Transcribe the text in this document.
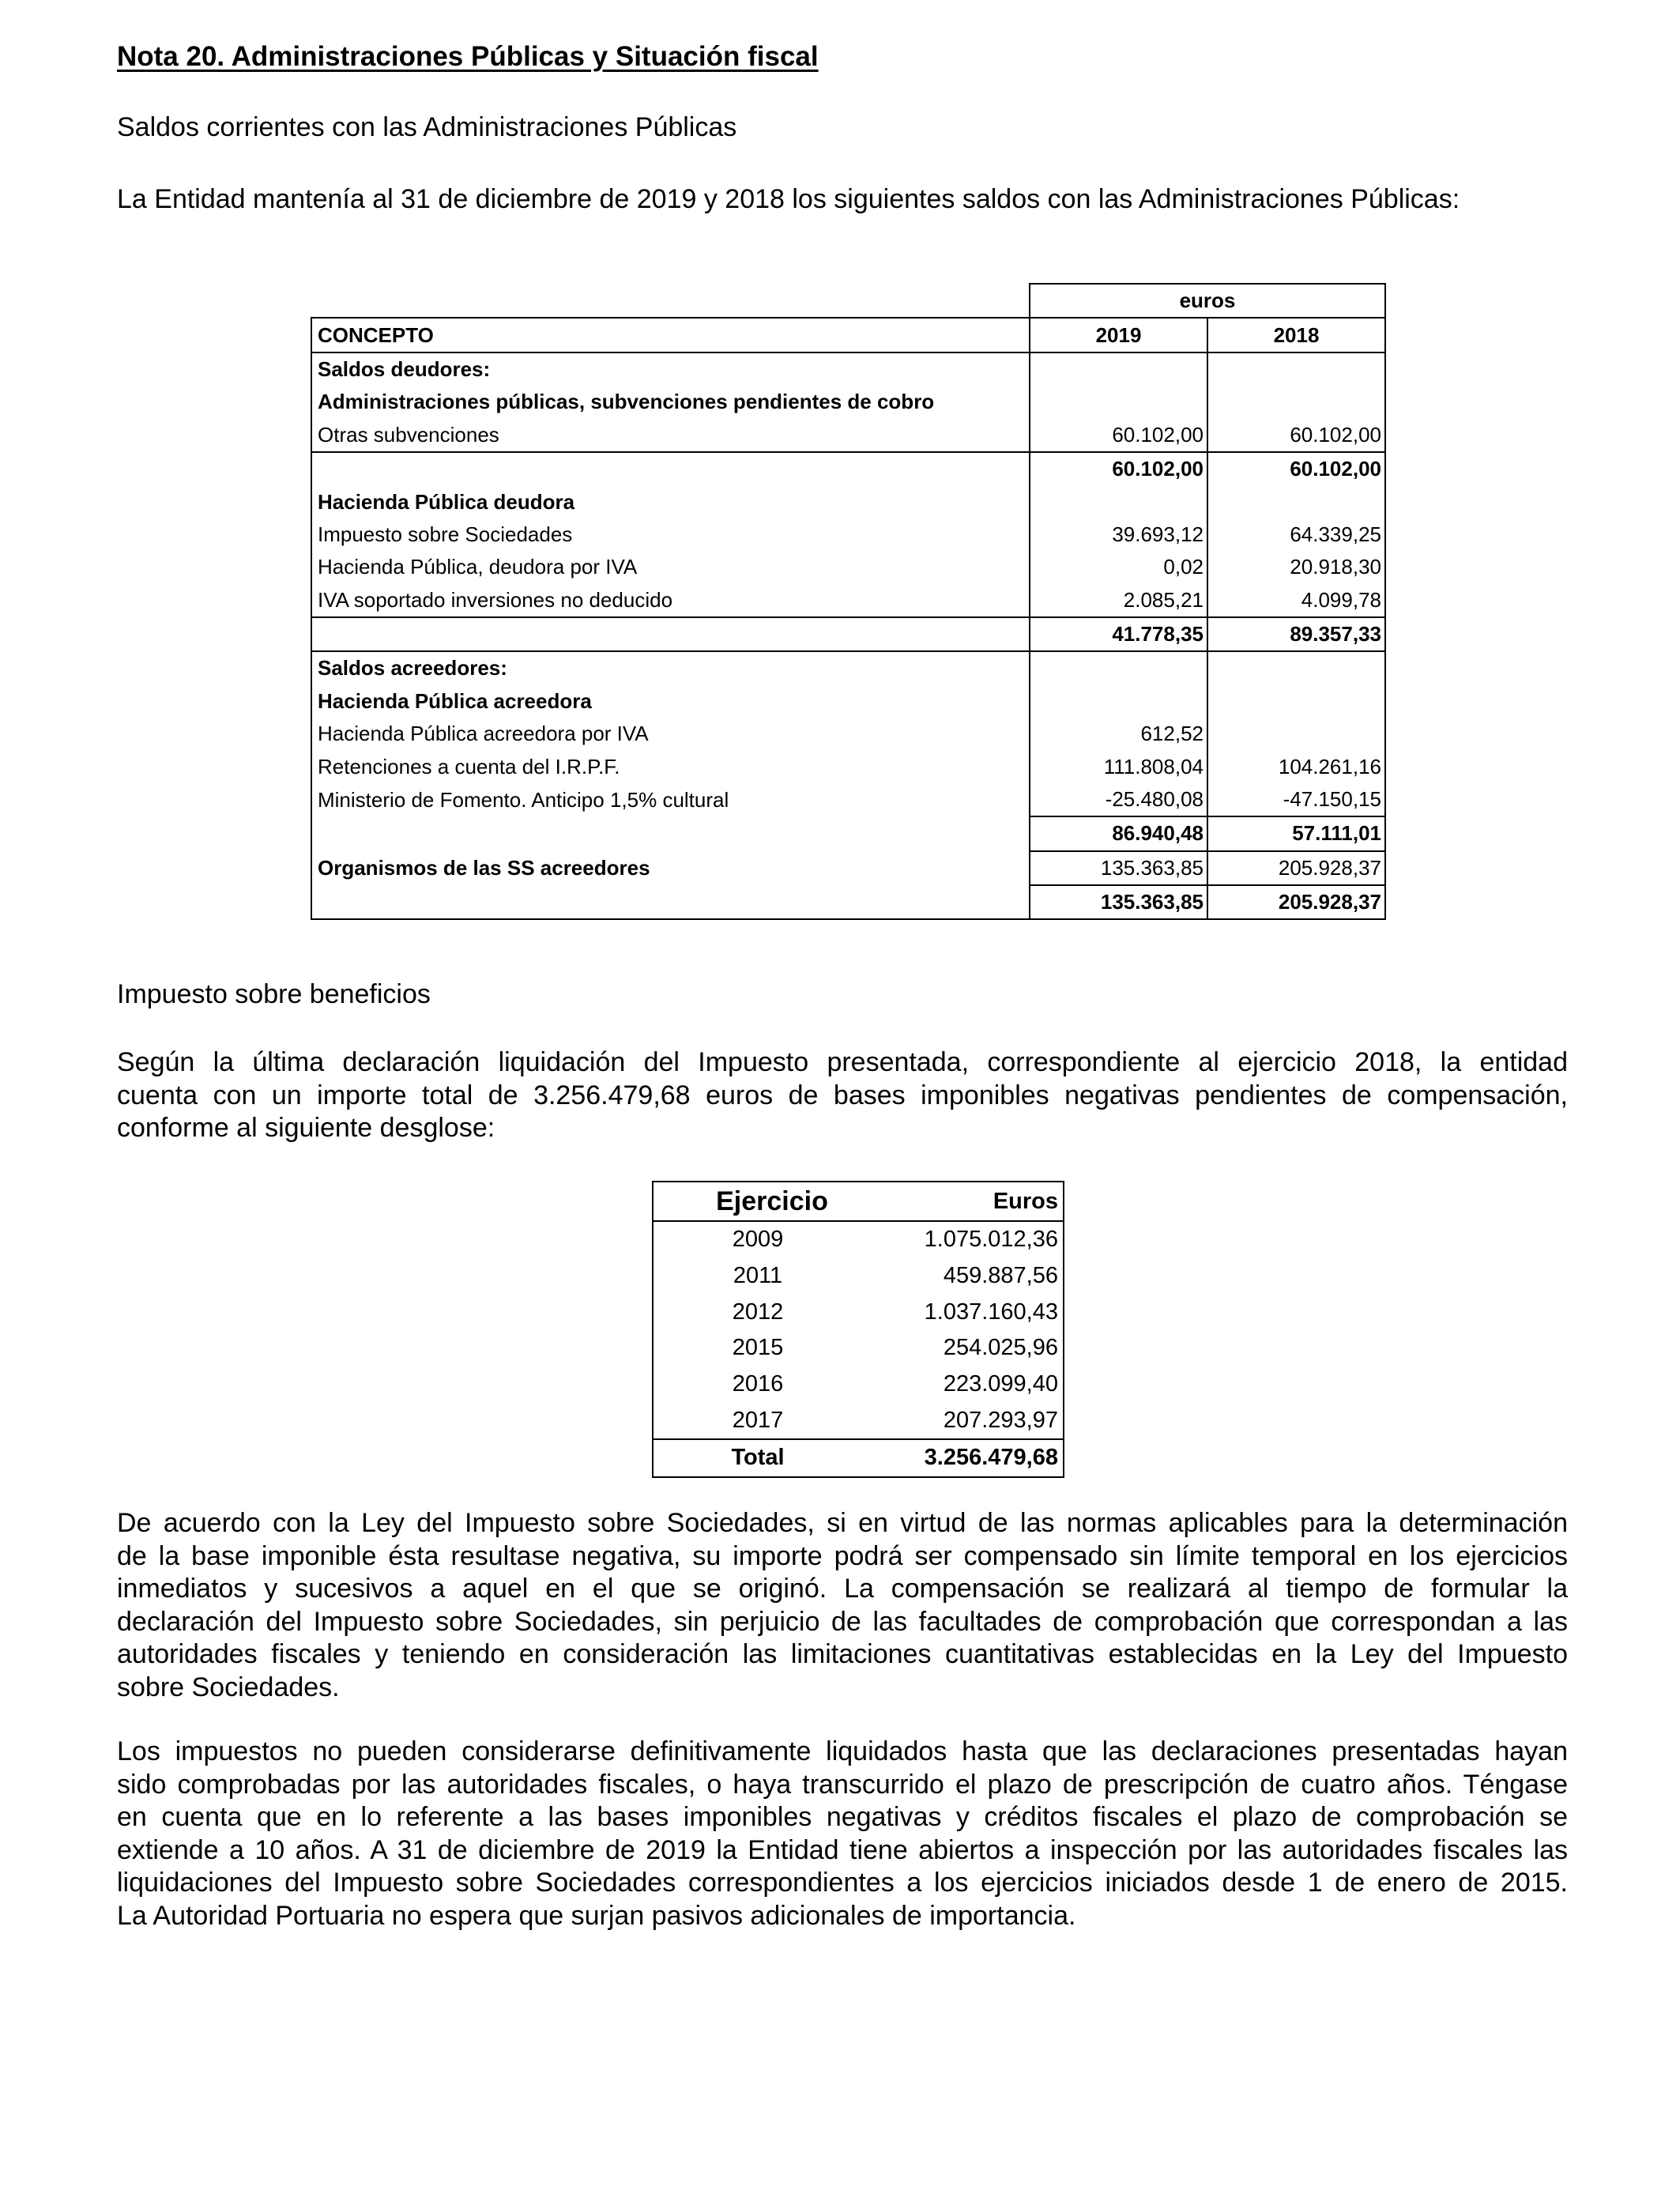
Nota 20. Administraciones Públicas y Situación fiscal
Saldos corrientes con las Administraciones Públicas
La Entidad mantenía al 31 de diciembre de 2019 y 2018 los siguientes saldos con las Administraciones Públicas:
	euros	
CONCEPTO	2019	2018
Saldos deudores:		
Administraciones públicas, subvenciones pendientes de cobro		
Otras subvenciones	60.102,00	60.102,00
	60.102,00	60.102,00
Hacienda Pública deudora		
Impuesto sobre Sociedades	39.693,12	64.339,25
Hacienda Pública, deudora por IVA	0,02	20.918,30
IVA soportado inversiones no deducido	2.085,21	4.099,78
	41.778,35	89.357,33
Saldos acreedores:		
Hacienda Pública acreedora		
Hacienda Pública acreedora por IVA	612,52	
Retenciones a cuenta del I.R.P.F.	111.808,04	104.261,16
Ministerio de Fomento. Anticipo 1,5% cultural	-25.480,08	-47.150,15
	86.940,48	57.111,01
Organismos de las SS acreedores	135.363,85	205.928,37
	135.363,85	205.928,37
Impuesto sobre beneficios
Según la última declaración liquidación del Impuesto presentada, correspondiente al ejercicio 2018, la entidad
cuenta con un importe total de 3.256.479,68 euros de bases imponibles negativas pendientes de compensación,
conforme al siguiente desglose:
Ejercicio	Euros
2009	1.075.012,36
2011	459.887,56
2012	1.037.160,43
2015	254.025,96
2016	223.099,40
2017	207.293,97
Total	3.256.479,68
De acuerdo con la Ley del Impuesto sobre Sociedades, si en virtud de las normas aplicables para la determinación
de la base imponible ésta resultase negativa, su importe podrá ser compensado sin límite temporal en los ejercicios
inmediatos y sucesivos a aquel en el que se originó. La compensación se realizará al tiempo de formular la
declaración del Impuesto sobre Sociedades, sin perjuicio de las facultades de comprobación que correspondan a las
autoridades fiscales y teniendo en consideración las limitaciones cuantitativas establecidas en la Ley del Impuesto
sobre Sociedades.
Los impuestos no pueden considerarse definitivamente liquidados hasta que las declaraciones presentadas hayan
sido comprobadas por las autoridades fiscales, o haya transcurrido el plazo de prescripción de cuatro años. Téngase
en cuenta que en lo referente a las bases imponibles negativas y créditos fiscales el plazo de comprobación se
extiende a 10 años. A 31 de diciembre de 2019 la Entidad tiene abiertos a inspección por las autoridades fiscales las
liquidaciones del Impuesto sobre Sociedades correspondientes a los ejercicios iniciados desde 1 de enero de 2015.
La Autoridad Portuaria no espera que surjan pasivos adicionales de importancia.
